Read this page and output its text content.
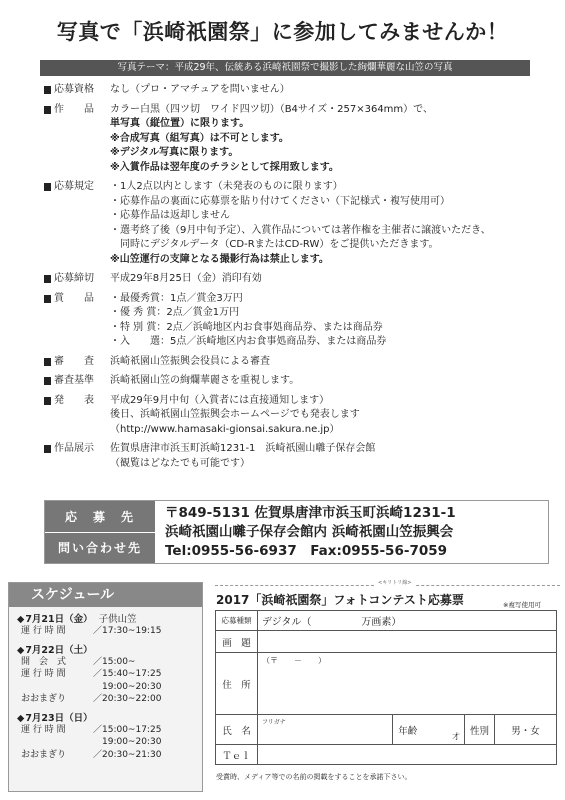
写真で「浜崎祇園祭」に参加してみませんか！
写真テーマ：平成29年、伝統ある浜崎祇園祭で撮影した絢爛華麗な山笠の写真
応募資格	なし（プロ・アマチュアを問いません）
作　　品	カラー白黒（四ツ切　ワイド四ツ切）（B4サイズ・257×364mm）で、
単写真（縦位置）に限ります。
※合成写真（組写真）は不可とします。
※デジタル写真に限ります。
※入賞作品は翌年度のチラシとして採用致します。
応募規定	・1人2点以内とします（未発表のものに限ります）
・応募作品の裏面に応募票を貼り付けてください（下記様式・複写使用可）
・応募作品は返却しません
・選考終了後（9月中旬予定）、入賞作品については著作権を主催者に譲渡いただき、
　同時にデジタルデータ（CD-RまたはCD-RW）をご提供いただきます。
※山笠運行の支障となる撮影行為は禁止します。
応募締切	平成29年8月25日（金）消印有効
賞　　品	・最優秀賞：1点／賞金3万円
・優 秀 賞：2点／賞金1万円
・特 別 賞：2点／浜崎地区内お食事処商品券、または商品券
・入　　選：5点／浜崎地区内お食事処商品券、または商品券
審　　査	浜崎祇園山笠振興会役員による審査
審査基準	浜崎祇園山笠の絢爛華麗さを重視します。
発　　表	平成29年9月中旬（入賞者には直接通知します）
後日、浜崎祇園山笠振興会ホームページでも発表します
（http://www.hamasaki-gionsai.sakura.ne.jp）
作品展示	佐賀県唐津市浜玉町浜崎1231-1　浜崎祇園山囃子保存会館
（観覧はどなたでも可能です）
応　募　先
問い合わせ先
〒849-5131 佐賀県唐津市浜玉町浜崎1231-1
浜崎祇園山囃子保存会館内 浜崎祇園山笠振興会
Tel:0955-56-6937　Fax:0955-56-7059
スケジュール
◆ 7月21日（金） 子供山笠
運 行 時 間	／17:30~19:15
◆ 7月22日（土）
開　会　式	／15:00~
運 行 時 間	／15:40~17:25
　19:00~20:30
おおまぎり	／20:30~22:00
◆ 7月23日（日）
運 行 時 間	／15:00~17:25
　19:00~20:30
おおまぎり	／20:30~21:30
<キリトリ線>
2017「浜崎祇園祭」フォトコンテスト応募票	※複写使用可
応募種類	デジタル（　　　　　万画素）				
画　題					
住　所	（〒　　－　　）				
氏　名	フリガナ	年齢	才	性別	男・女
Ｔｅｌ					
受賞時、メディア等での名前の掲載をすることを承諾下さい。
